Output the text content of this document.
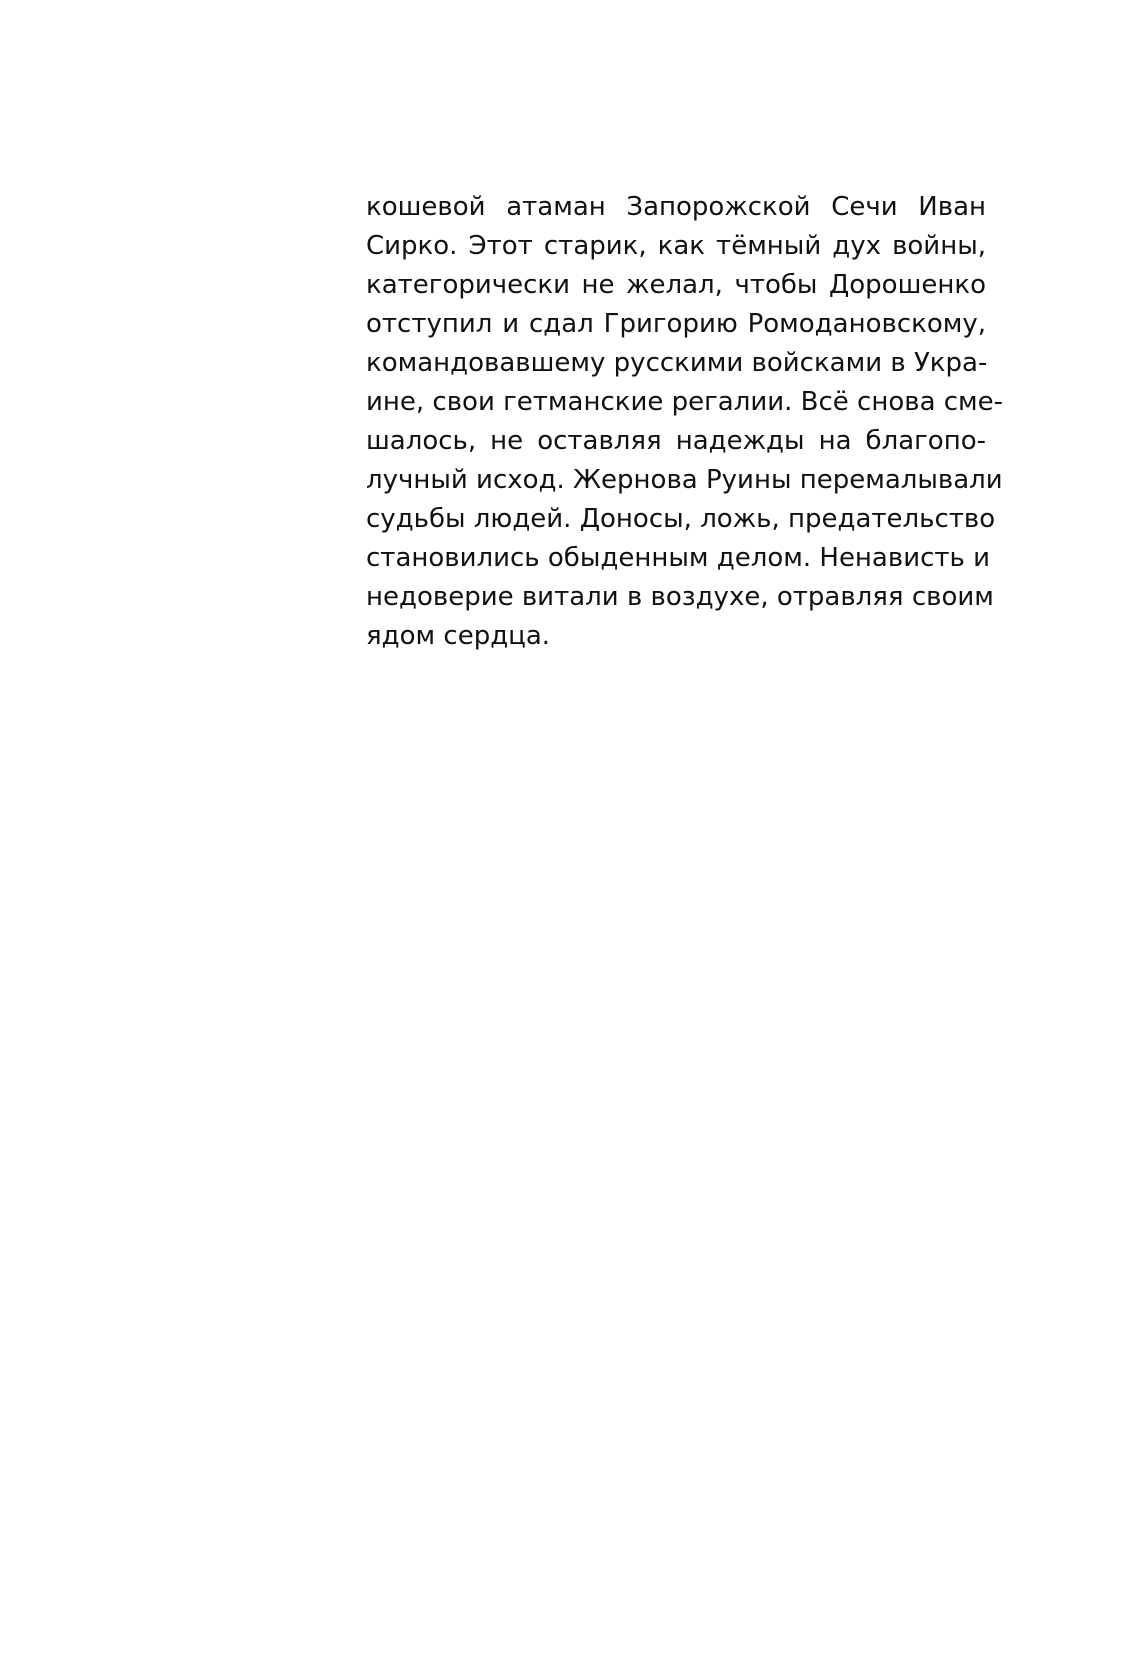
кошевой атаман Запорожской Сечи Иван
Сирко. Этот старик, как тёмный дух войны,
категорически не желал, чтобы Дорошенко
отступил и сдал Григорию Ромодановскому,
командовавшему русскими войсками в Укра-
ине, свои гетманские регалии. Всё снова сме-
шалось, не оставляя надежды на благопо-
лучный исход. Жернова Руины перемалывали
судьбы людей. Доносы, ложь, предательство
становились обыденным делом. Ненависть и
недоверие витали в воздухе, отравляя своим
ядом сердца.
